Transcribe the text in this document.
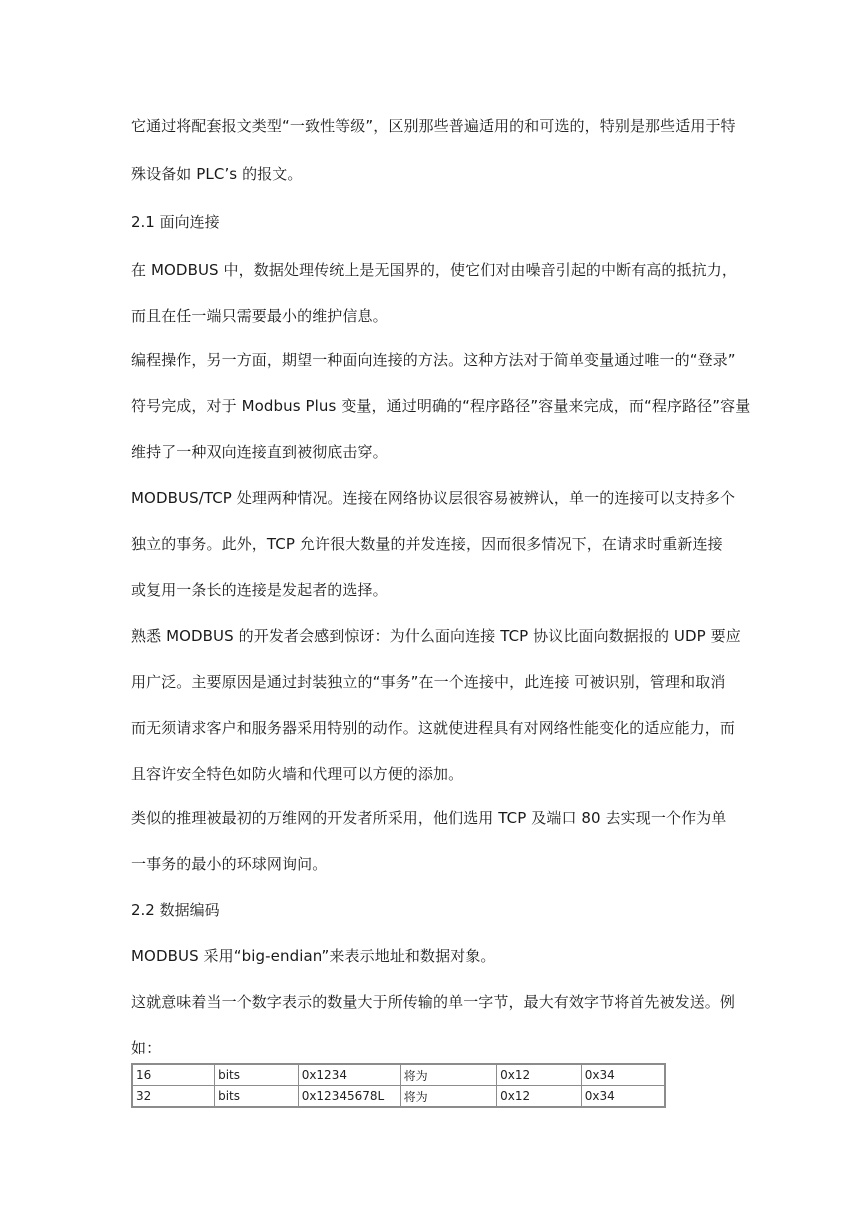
它通过将配套报文类型“一致性等级”，区别那些普遍适用的和可选的，特别是那些适用于特
殊设备如 PLC’s 的报文。
2.1 面向连接
在 MODBUS 中，数据处理传统上是无国界的，使它们对由噪音引起的中断有高的抵抗力，
而且在任一端只需要最小的维护信息。
编程操作，另一方面，期望一种面向连接的方法。这种方法对于简单变量通过唯一的“登录”
符号完成，对于 Modbus Plus 变量，通过明确的“程序路径”容量来完成，而“程序路径”容量
维持了一种双向连接直到被彻底击穿。
MODBUS/TCP 处理两种情况。连接在网络协议层很容易被辨认，单一的连接可以支持多个
独立的事务。此外，TCP 允许很大数量的并发连接，因而很多情况下，在请求时重新连接
或复用一条长的连接是发起者的选择。
熟悉 MODBUS 的开发者会感到惊讶：为什么面向连接 TCP 协议比面向数据报的 UDP 要应
用广泛。主要原因是通过封装独立的“事务”在一个连接中，此连接 可被识别，管理和取消
而无须请求客户和服务器采用特别的动作。这就使进程具有对网络性能变化的适应能力，而
且容许安全特色如防火墙和代理可以方便的添加。
类似的推理被最初的万维网的开发者所采用，他们选用 TCP 及端口 80 去实现一个作为单
一事务的最小的环球网询问。
2.2 数据编码
MODBUS 采用“big-endian”来表示地址和数据对象。
这就意味着当一个数字表示的数量大于所传输的单一字节，最大有效字节将首先被发送。例
如：
16	bits	0x1234	将为	0x12	0x34
32	bits	0x12345678L	将为	0x12	0x34
